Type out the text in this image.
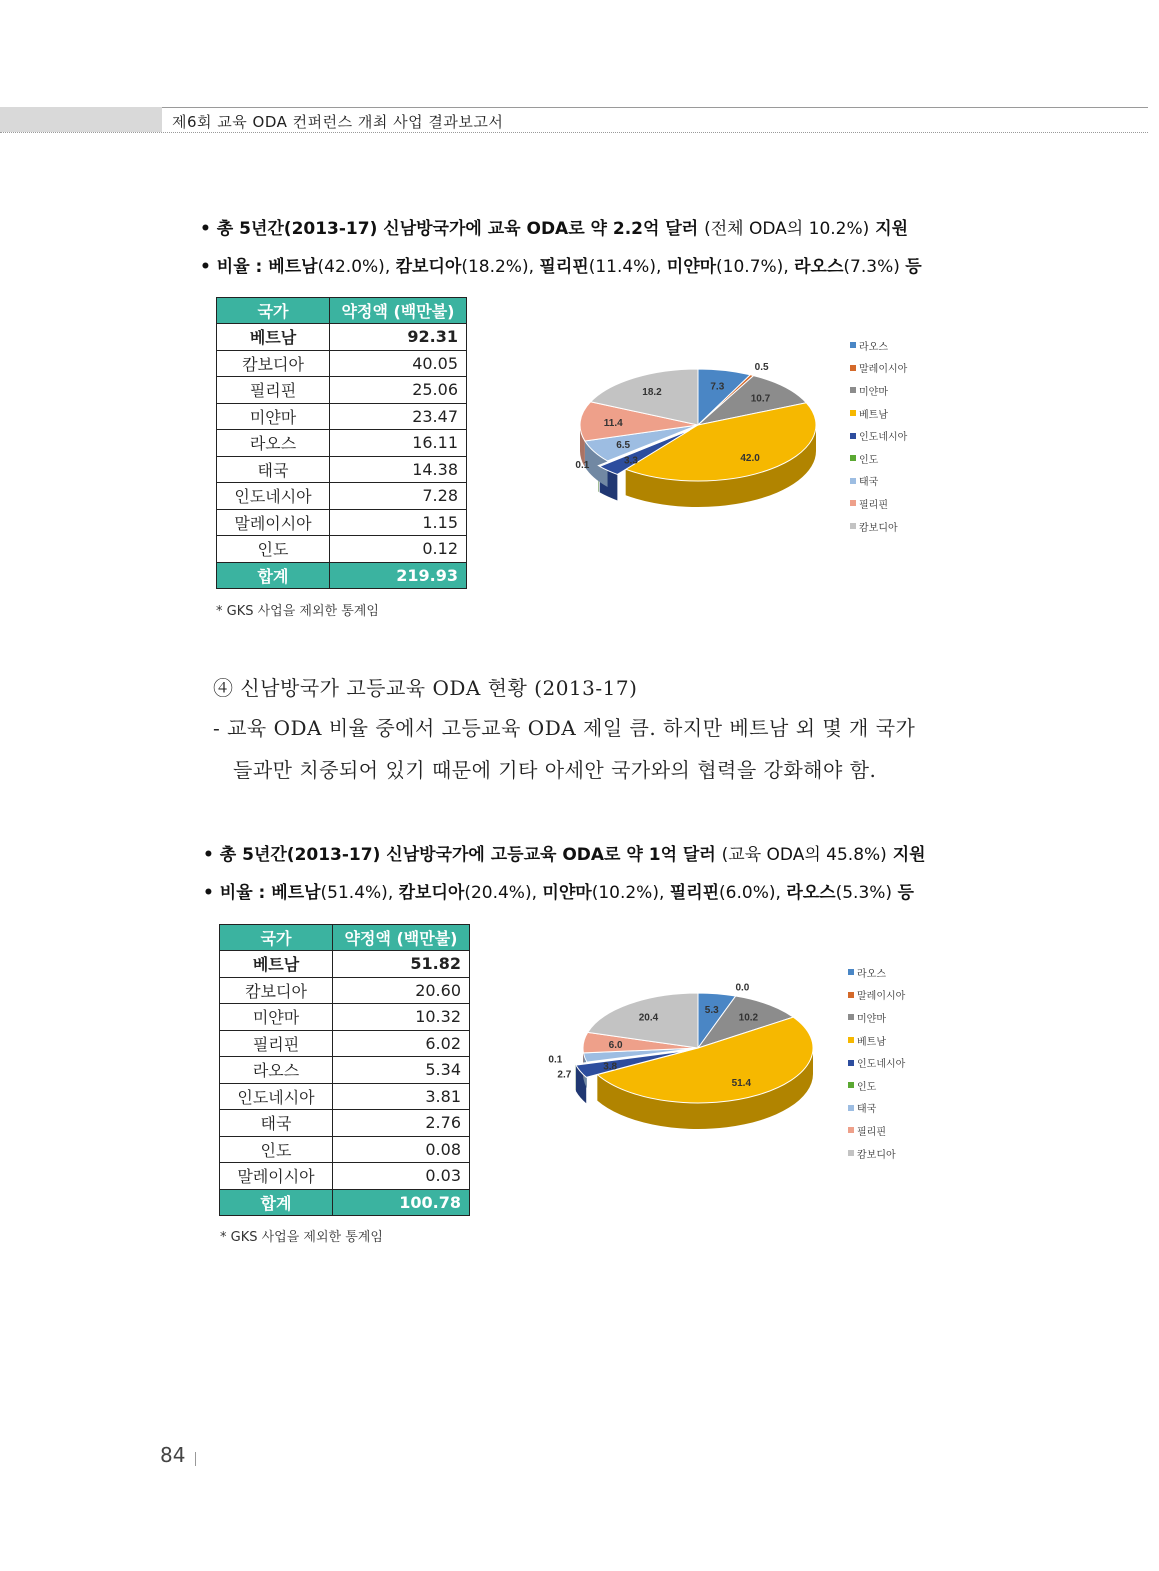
제6회 교육 ODA 컨퍼런스 개최 사업 결과보고서
• 총 5년간(2013-17) 신남방국가에 교육 ODA로 약 2.2억 달러 (전체 ODA의 10.2%) 지원
• 비율 : 베트남(42.0%), 캄보디아(18.2%), 필리핀(11.4%), 미얀마(10.7%), 라오스(7.3%) 등
국가	약정액 (백만불)
베트남	92.31
캄보디아	40.05
필리핀	25.06
미얀마	23.47
라오스	16.11
태국	14.38
인도네시아	7.28
말레이시아	1.15
인도	0.12
합계	219.93
* GKS 사업을 제외한 통계임
7.3
0.5
10.7
42.0
3.3
0.1
6.5
11.4
18.2
라오스
말레이시아
미얀마
베트남
인도네시아
인도
태국
필리핀
캄보디아
④ 신남방국가 고등교육 ODA 현황 (2013-17)
- 교육 ODA 비율 중에서 고등교육 ODA 제일 큼. 하지만 베트남 외 몇 개 국가
들과만 치중되어 있기 때문에 기타 아세안 국가와의 협력을 강화해야 함.
• 총 5년간(2013-17) 신남방국가에 고등교육 ODA로 약 1억 달러 (교육 ODA의 45.8%) 지원
• 비율 : 베트남(51.4%), 캄보디아(20.4%), 미얀마(10.2%), 필리핀(6.0%), 라오스(5.3%) 등
국가	약정액 (백만불)
베트남	51.82
캄보디아	20.60
미얀마	10.32
필리핀	6.02
라오스	5.34
인도네시아	3.81
태국	2.76
인도	0.08
말레이시아	0.03
합계	100.78
* GKS 사업을 제외한 통계임
5.3
0.0
10.2
51.4
3.8
0.1
2.7
6.0
20.4
라오스
말레이시아
미얀마
베트남
인도네시아
인도
태국
필리핀
캄보디아
84
